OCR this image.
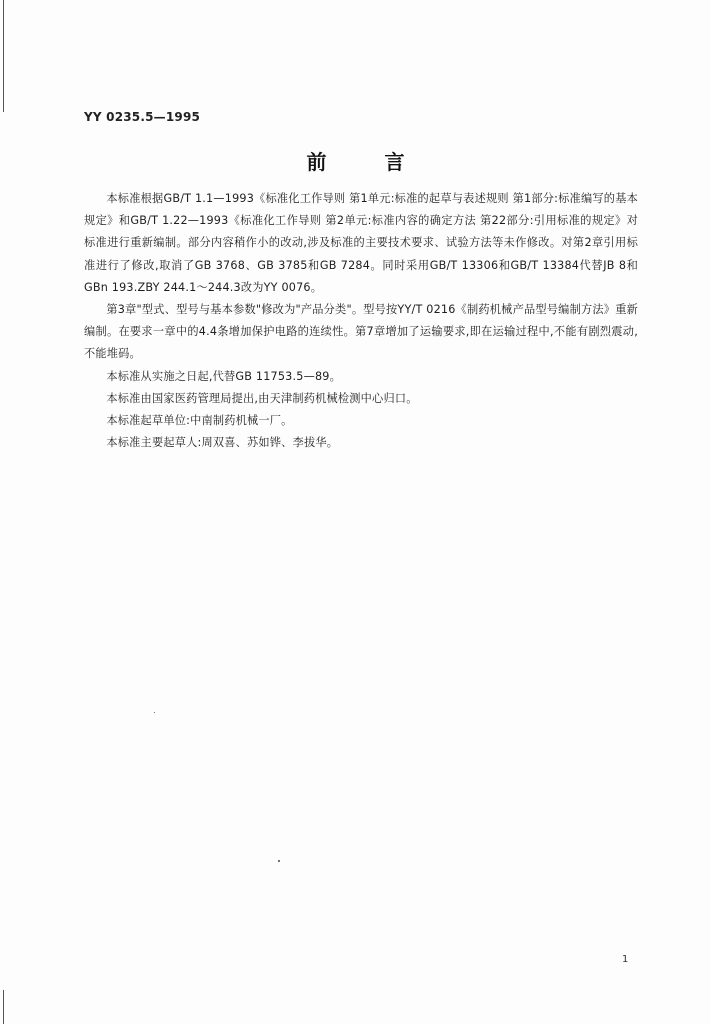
YY 0235.5—1995
前	言

本标准根据GB/T 1.1—1993《标准化工作导则 第1单元:标准的起草与表述规则 第1部分:标准编写的基本规定》和GB/T 1.22—1993《标准化工作导则 第2单元:标准内容的确定方法 第22部分:引用标准的规定》对标准进行重新编制。部分内容稍作小的改动,涉及标准的主要技术要求、试验方法等未作修改。对第2章引用标准进行了修改,取消了GB 3768、GB 3785和GB 7284。同时采用GB/T 13306和GB/T 13384代替JB 8和GBn 193.ZBY 244.1～244.3改为YY 0076。

第3章"型式、型号与基本参数"修改为"产品分类"。型号按YY/T 0216《制药机械产品型号编制方法》重新编制。在要求一章中的4.4条增加保护电路的连续性。第7章增加了运输要求,即在运输过程中,不能有剧烈震动,不能堆码。

本标准从实施之日起,代替GB 11753.5—89。

本标准由国家医药管理局提出,由天津制药机械检测中心归口。

本标准起草单位:中南制药机械一厂。

本标准主要起草人:周双喜、苏如铧、李拔华。

1
